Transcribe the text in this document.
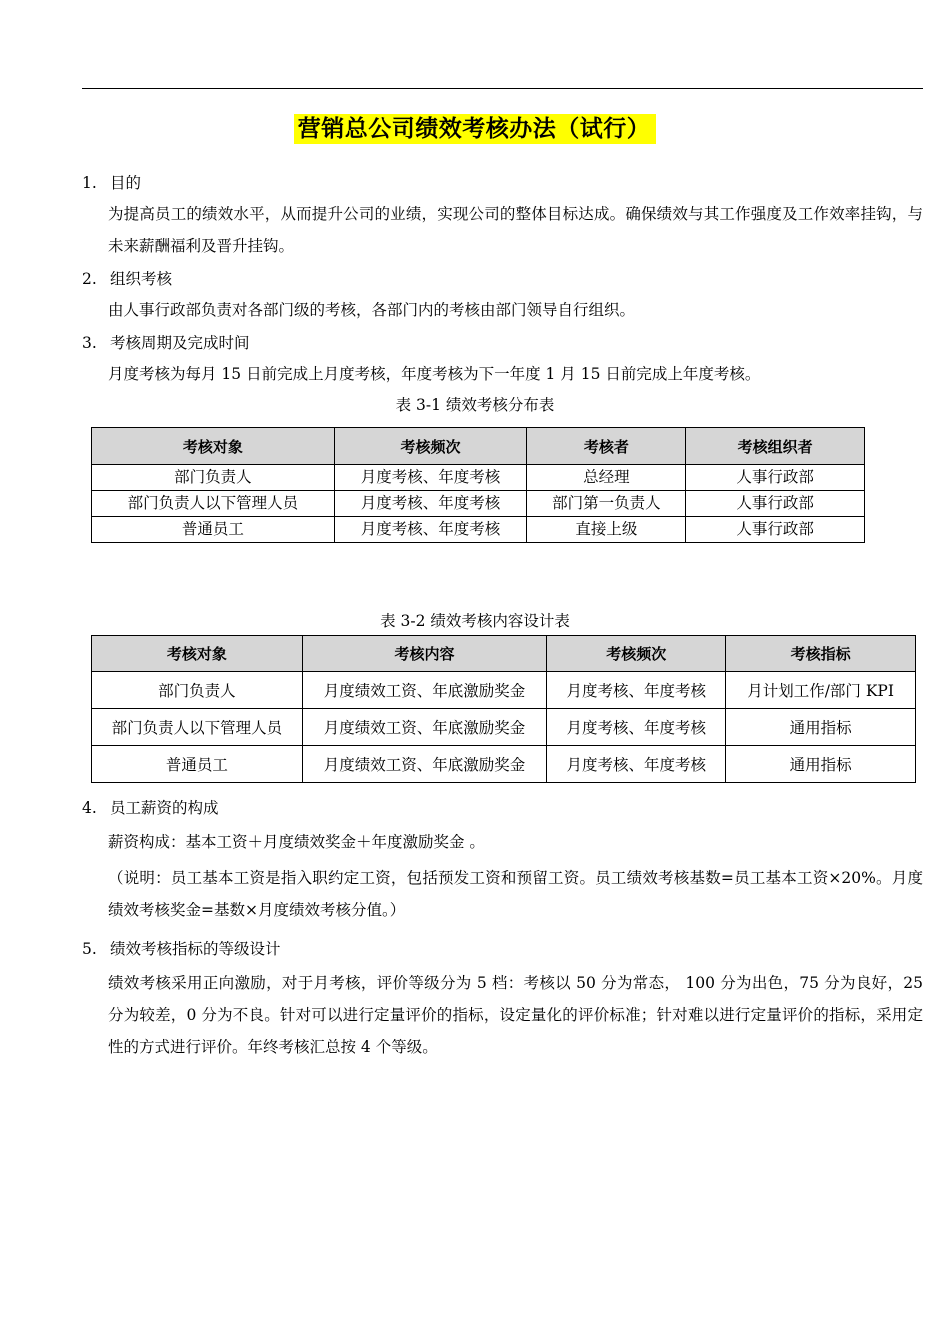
营销总公司绩效考核办法（试行）
1. 目的
为提高员工的绩效水平，从而提升公司的业绩，实现公司的整体目标达成。确保绩效与其工作强度及工作效率挂钩，与未来薪酬福利及晋升挂钩。
2. 组织考核
由人事行政部负责对各部门级的考核，各部门内的考核由部门领导自行组织。
3. 考核周期及完成时间
月度考核为每月 15 日前完成上月度考核，年度考核为下一年度 1 月 15 日前完成上年度考核。
表 3-1 绩效考核分布表
考核对象	考核频次	考核者	考核组织者
部门负责人	月度考核、年度考核	总经理	人事行政部
部门负责人以下管理人员	月度考核、年度考核	部门第一负责人	人事行政部
普通员工	月度考核、年度考核	直接上级	人事行政部
表 3-2 绩效考核内容设计表
考核对象	考核内容	考核频次	考核指标
部门负责人	月度绩效工资、年底激励奖金	月度考核、年度考核	月计划工作/部门 KPI
部门负责人以下管理人员	月度绩效工资、年底激励奖金	月度考核、年度考核	通用指标
普通员工	月度绩效工资、年底激励奖金	月度考核、年度考核	通用指标
4. 员工薪资的构成
薪资构成：基本工资＋月度绩效奖金＋年度激励奖金 。
（说明：员工基本工资是指入职约定工资，包括预发工资和预留工资。员工绩效考核基数=员工基本工资×20%。月度绩效考核奖金=基数×月度绩效考核分值。）
5. 绩效考核指标的等级设计
绩效考核采用正向激励，对于月考核，评价等级分为 5 档：考核以 50 分为常态， 100 分为出色，75 分为良好，25 分为较差，0 分为不良。针对可以进行定量评价的指标，设定量化的评价标准；针对难以进行定量评价的指标，采用定性的方式进行评价。年终考核汇总按 4 个等级。
